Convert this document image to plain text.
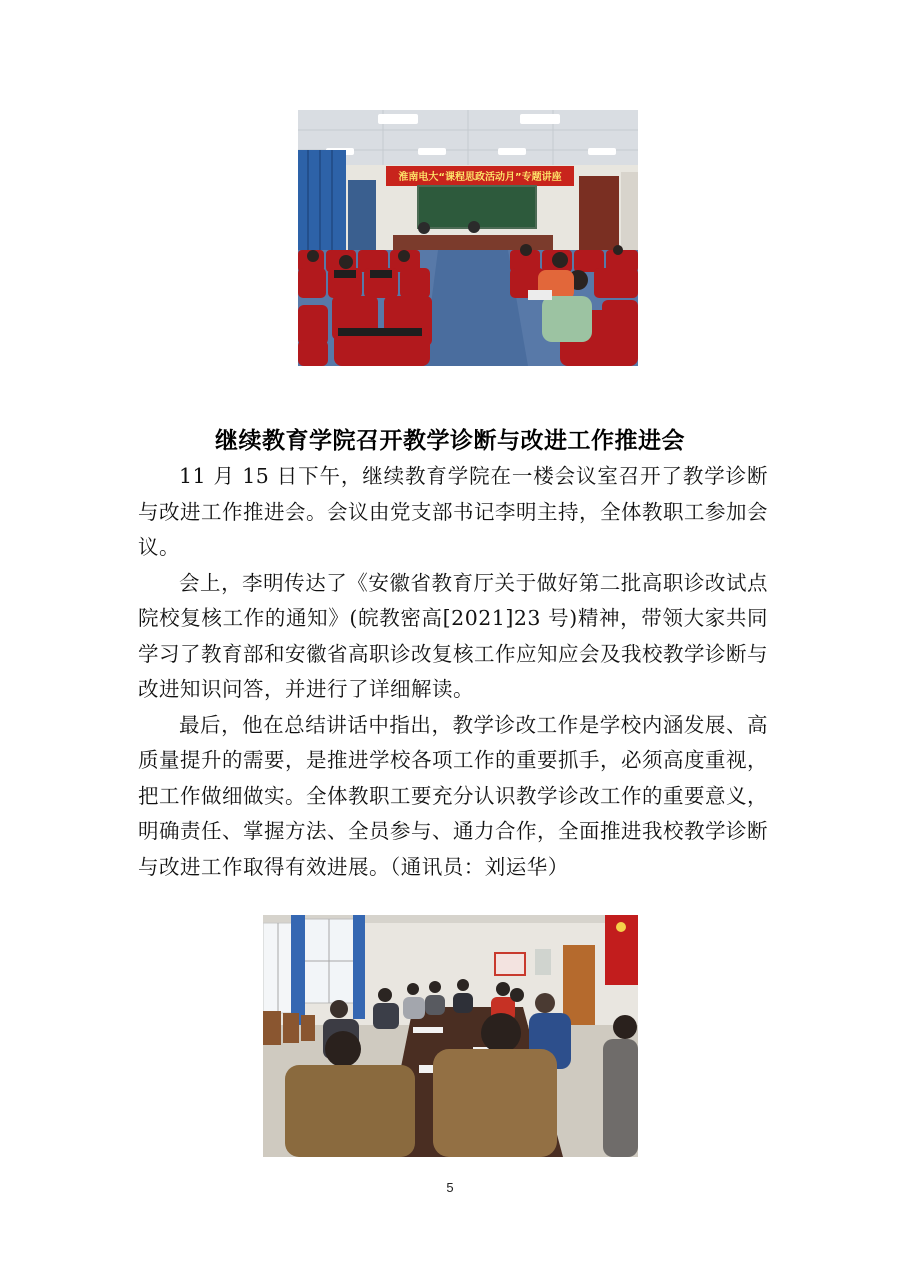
淮南电大“课程思政活动月”专题讲座
继续教育学院召开教学诊断与改进工作推进会

11 月 15 日下午，继续教育学院在一楼会议室召开了教学诊断与改进工作推进会。会议由党支部书记李明主持，全体教职工参加会议。

会上，李明传达了《安徽省教育厅关于做好第二批高职诊改试点院校复核工作的通知》(皖教密高[2021]23 号)精神，带领大家共同学习了教育部和安徽省高职诊改复核工作应知应会及我校教学诊断与改进知识问答，并进行了详细解读。

最后，他在总结讲话中指出，教学诊改工作是学校内涵发展、高质量提升的需要，是推进学校各项工作的重要抓手，必须高度重视，把工作做细做实。全体教职工要充分认识教学诊改工作的重要意义，明确责任、掌握方法、全员参与、通力合作，全面推进我校教学诊断与改进工作取得有效进展。（通讯员：刘运华）

5
